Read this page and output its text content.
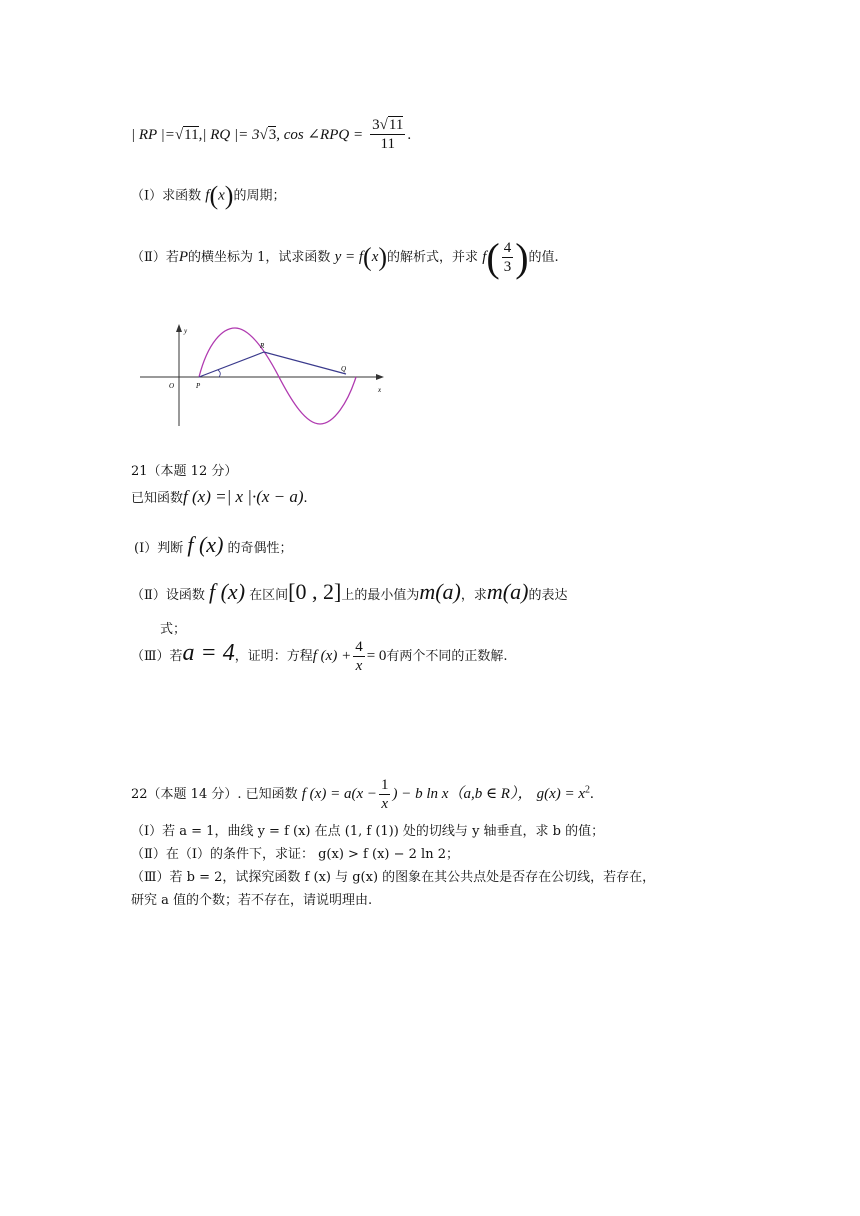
| RP |=√11,| RQ |= 3√3, cos ∠RPQ = $\frac{3√11}{11}$ .
（Ⅰ）求函数 f(x)的周期；
（Ⅱ）若P的横坐标为 1，试求函数 y = f(x)的解析式，并求 $f( \frac{4}{3}$ )的值.
y
x
O	P
R
Q
21（本题 12 分）
已知函数f (x) =| x |·(x − a).
(I）判断 f (x) 的奇偶性；
（Ⅱ）设函数 f (x) 在区间[0 , 2]上的最小值为m(a)，求m(a)的表达
式；
（Ⅲ）若a = 4，证明：方程f $(x) + \frac{4}{x} = 0$有两个不同的正数解.
22（本题 14 分）. 已知函数 f $(x) = a(x - \frac{1}{x}$ ) − b ln x（a,b ∈ R）， $g(x) = x^2$.
（Ⅰ）若 a = 1，曲线 y = f (x) 在点 (1, f (1)) 处的切线与 y 轴垂直，求 b 的值；
（Ⅱ）在（Ⅰ）的条件下，求证： g(x) > f (x) − 2 ln 2；
（Ⅲ）若 b = 2，试探究函数 f (x) 与 g(x) 的图象在其公共点处是否存在公切线，若存在，
研究 a 值的个数；若不存在，请说明理由.
